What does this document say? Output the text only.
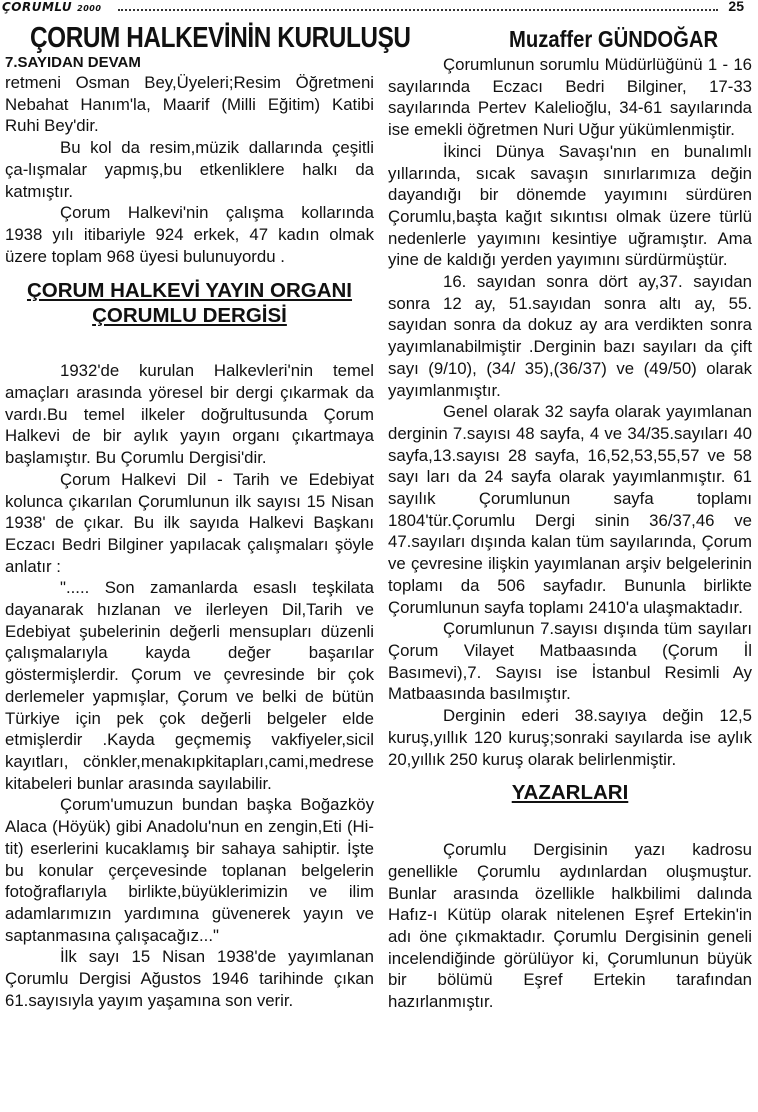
ÇORUMLU 2000	25
ÇORUM HALKEVİNİN KURULUŞU	Muzaffer GÜNDOĞAR
7.SAYIDAN DEVAM

retmeni Osman Bey,Üyeleri;Resim Öğretmeni Nebahat Hanım'la, Maarif (Milli Eğitim) Katibi Ruhi Bey'dir.

Bu kol da resim,müzik dallarında çeşitli ça-lışmalar yapmış,bu etkenliklere halkı da katmıştır.

Çorum Halkevi'nin çalışma kollarında 1938 yılı itibariyle 924 erkek, 47 kadın olmak üzere toplam 968 üyesi bulunuyordu .

ÇORUM HALKEVİ YAYIN ORGANI
ÇORUMLU DERGİSİ

1932'de kurulan Halkevleri'nin temel amaçları arasında yöresel bir dergi çıkarmak da vardı.Bu temel ilkeler doğrultusunda Çorum Halkevi de bir aylık yayın organı çıkartmaya başlamıştır. Bu Çorumlu Dergisi'dir.

Çorum Halkevi Dil - Tarih ve Edebiyat kolunca çıkarılan Çorumlunun ilk sayısı 15 Nisan 1938' de çıkar. Bu ilk sayıda Halkevi Başkanı Eczacı Bedri Bilginer yapılacak çalışmaları şöyle anlatır :

"..... Son zamanlarda esaslı teşkilata dayanarak hızlanan ve ilerleyen Dil,Tarih ve Edebiyat şubelerinin değerli mensupları düzenli çalışmalarıyla kayda değer başarılar göstermişlerdir. Çorum ve çevresinde bir çok derlemeler yapmışlar, Çorum ve belki de bütün Türkiye için pek çok değerli belgeler elde etmişlerdir .Kayda geçmemiş vakfiyeler,sicil kayıtları, cönkler,menakıpkitapları,cami,medrese kitabeleri bunlar arasında sayılabilir.

Çorum'umuzun bundan başka Boğazköy Alaca (Höyük) gibi Anadolu'nun en zengin,Eti (Hi-tit) eserlerini kucaklamış bir sahaya sahiptir. İşte bu konular çerçevesinde toplanan belgelerin fotoğraflarıyla birlikte,büyüklerimizin ve ilim adamlarımızın yardımına güvenerek yayın ve saptanmasına çalışacağız..."

İlk sayı 15 Nisan 1938'de yayımlanan Çorumlu Dergisi Ağustos 1946 tarihinde çıkan 61.sayısıyla yayım yaşamına son verir.

Çorumlunun sorumlu Müdürlüğünü 1 - 16 sayılarında Eczacı Bedri Bilginer, 17-33 sayılarında Pertev Kalelioğlu, 34-61 sayılarında ise emekli öğretmen Nuri Uğur yükümlenmiştir.

İkinci Dünya Savaşı'nın en bunalımlı yıllarında, sıcak savaşın sınırlarımıza değin dayandığı bir dönemde yayımını sürdüren Çorumlu,başta kağıt sıkıntısı olmak üzere türlü nedenlerle yayımını kesintiye uğramıştır. Ama yine de kaldığı yerden yayımını sürdürmüştür.

16. sayıdan sonra dört ay,37. sayıdan sonra 12 ay, 51.sayıdan sonra altı ay, 55. sayıdan sonra da dokuz ay ara verdikten sonra yayımlanabilmiştir .Derginin bazı sayıları da çift sayı (9/10), (34/ 35),(36/37) ve (49/50) olarak yayımlanmıştır.

Genel olarak 32 sayfa olarak yayımlanan derginin 7.sayısı 48 sayfa, 4 ve 34/35.sayıları 40 sayfa,13.sayısı 28 sayfa, 16,52,53,55,57 ve 58 sayı ları da 24 sayfa olarak yayımlanmıştır. 61 sayılık Çorumlunun sayfa toplamı 1804'tür.Çorumlu Dergi sinin 36/37,46 ve 47.sayıları dışında kalan tüm sayılarında, Çorum ve çevresine ilişkin yayımlanan arşiv belgelerinin toplamı da 506 sayfadır. Bununla birlikte Çorumlunun sayfa toplamı 2410'a ulaşmaktadır.

Çorumlunun 7.sayısı dışında tüm sayıları Çorum Vilayet Matbaasında (Çorum İl Basımevi),7. Sayısı ise İstanbul Resimli Ay Matbaasında basılmıştır.

Derginin ederi 38.sayıya değin 12,5 kuruş,yıllık 120 kuruş;sonraki sayılarda ise aylık 20,yıllık 250 kuruş olarak belirlenmiştir.

YAZARLARI

Çorumlu Dergisinin yazı kadrosu genellikle Çorumlu aydınlardan oluşmuştur. Bunlar arasında özellikle halkbilimi dalında Hafız-ı Kütüp olarak nitelenen Eşref Ertekin'in adı öne çıkmaktadır. Çorumlu Dergisinin geneli incelendiğinde görülüyor ki, Çorumlunun büyük bir bölümü Eşref Ertekin tarafından hazırlanmıştır.
